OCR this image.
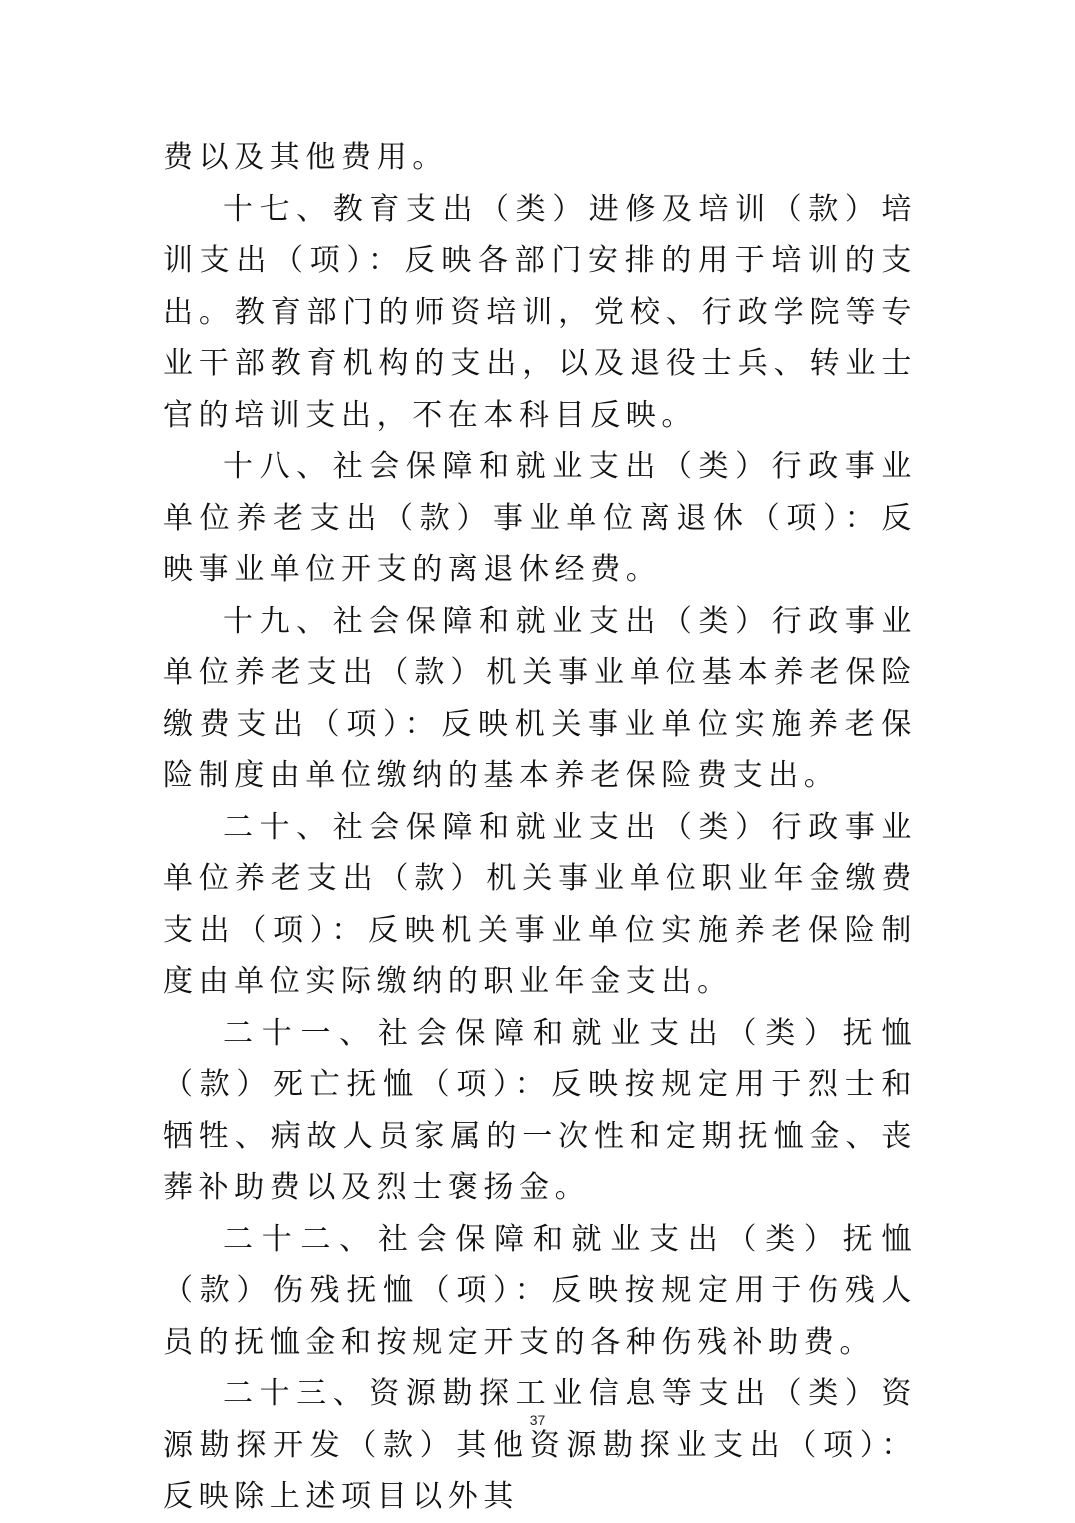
费以及其他费用。

十七、教育支出（类）进修及培训（款）培训支出（项）：反映各部门安排的用于培训的支出。教育部门的师资培训，党校、行政学院等专业干部教育机构的支出，以及退役士兵、转业士官的培训支出，不在本科目反映。

十八、社会保障和就业支出（类）行政事业单位养老支出（款）事业单位离退休（项）：反映事业单位开支的离退休经费。

十九、社会保障和就业支出（类）行政事业单位养老支出（款）机关事业单位基本养老保险缴费支出（项）：反映机关事业单位实施养老保险制度由单位缴纳的基本养老保险费支出。

二十、社会保障和就业支出（类）行政事业单位养老支出（款）机关事业单位职业年金缴费支出（项）：反映机关事业单位实施养老保险制度由单位实际缴纳的职业年金支出。

二十一、社会保障和就业支出（类）抚恤（款）死亡抚恤（项）：反映按规定用于烈士和牺牲、病故人员家属的一次性和定期抚恤金、丧葬补助费以及烈士褒扬金。

二十二、社会保障和就业支出（类）抚恤（款）伤残抚恤（项）：反映按规定用于伤残人员的抚恤金和按规定开支的各种伤残补助费。

二十三、资源勘探工业信息等支出（类）资源勘探开发（款）其他资源勘探业支出（项）：反映除上述项目以外其

37
